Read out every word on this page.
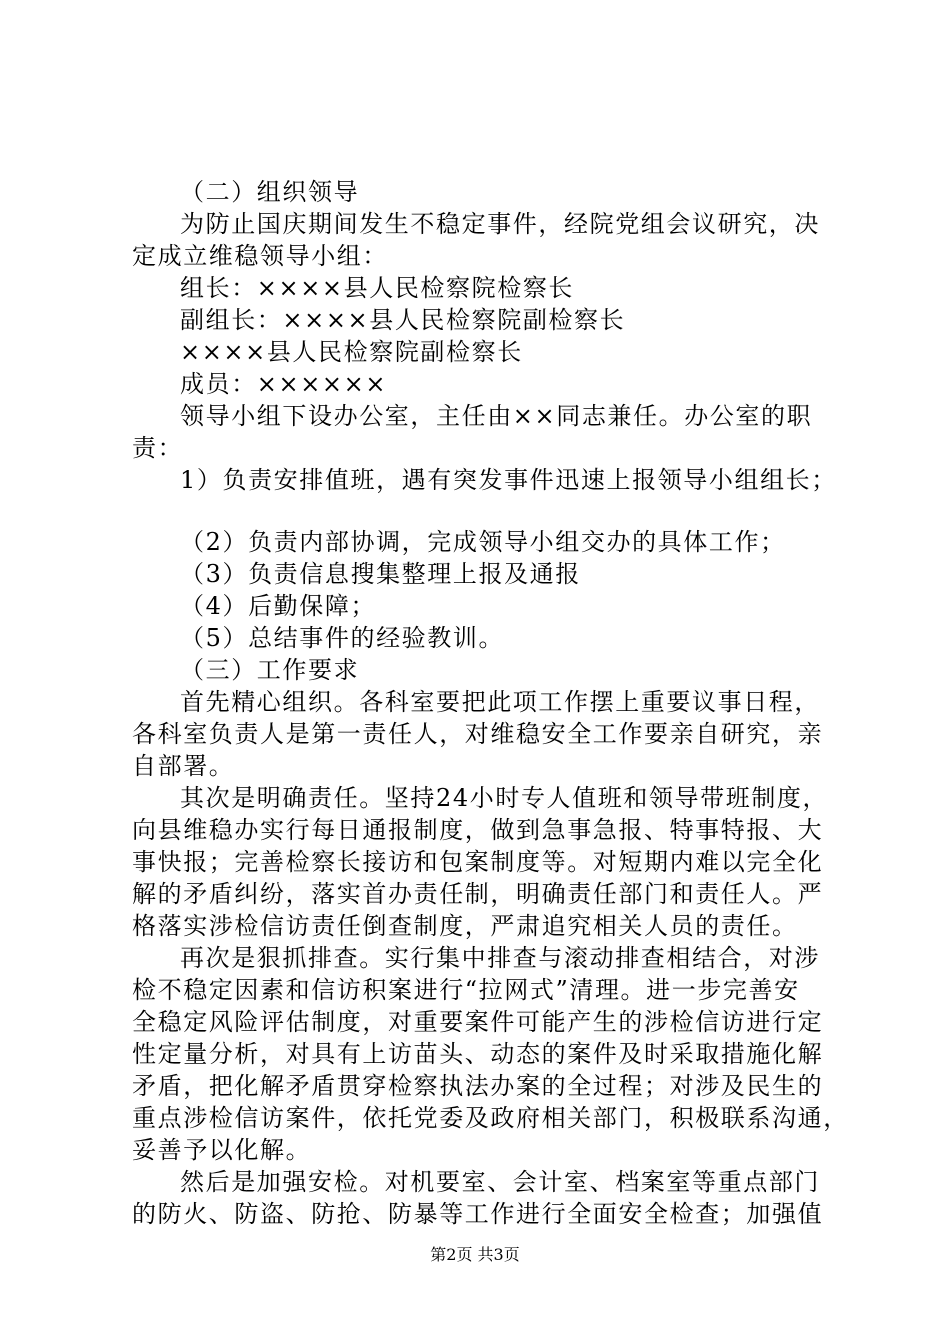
（二）组织领导
为防止国庆期间发生不稳定事件，经院党组会议研究，决
定成立维稳领导小组：
组长：××××县人民检察院检察长
副组长：××××县人民检察院副检察长
××××县人民检察院副检察长
成员：××××××
领导小组下设办公室，主任由××同志兼任。办公室的职
责：
1）负责安排值班，遇有突发事件迅速上报领导小组组长；
（2）负责内部协调，完成领导小组交办的具体工作；
（3）负责信息搜集整理上报及通报
（4）后勤保障；
（5）总结事件的经验教训。
（三）工作要求
首先精心组织。各科室要把此项工作摆上重要议事日程，
各科室负责人是第一责任人，对维稳安全工作要亲自研究，亲
自部署。
其次是明确责任。坚持24小时专人值班和领导带班制度，
向县维稳办实行每日通报制度，做到急事急报、特事特报、大
事快报；完善检察长接访和包案制度等。对短期内难以完全化
解的矛盾纠纷，落实首办责任制，明确责任部门和责任人。严
格落实涉检信访责任倒查制度，严肃追究相关人员的责任。
再次是狠抓排查。实行集中排查与滚动排查相结合，对涉
检不稳定因素和信访积案进行“拉网式”清理。进一步完善安
全稳定风险评估制度，对重要案件可能产生的涉检信访进行定
性定量分析，对具有上访苗头、动态的案件及时采取措施化解
矛盾，把化解矛盾贯穿检察执法办案的全过程；对涉及民生的
重点涉检信访案件，依托党委及政府相关部门，积极联系沟通，
妥善予以化解。
然后是加强安检。对机要室、会计室、档案室等重点部门
的防火、防盗、防抢、防暴等工作进行全面安全检查；加强值
第2页 共3页
